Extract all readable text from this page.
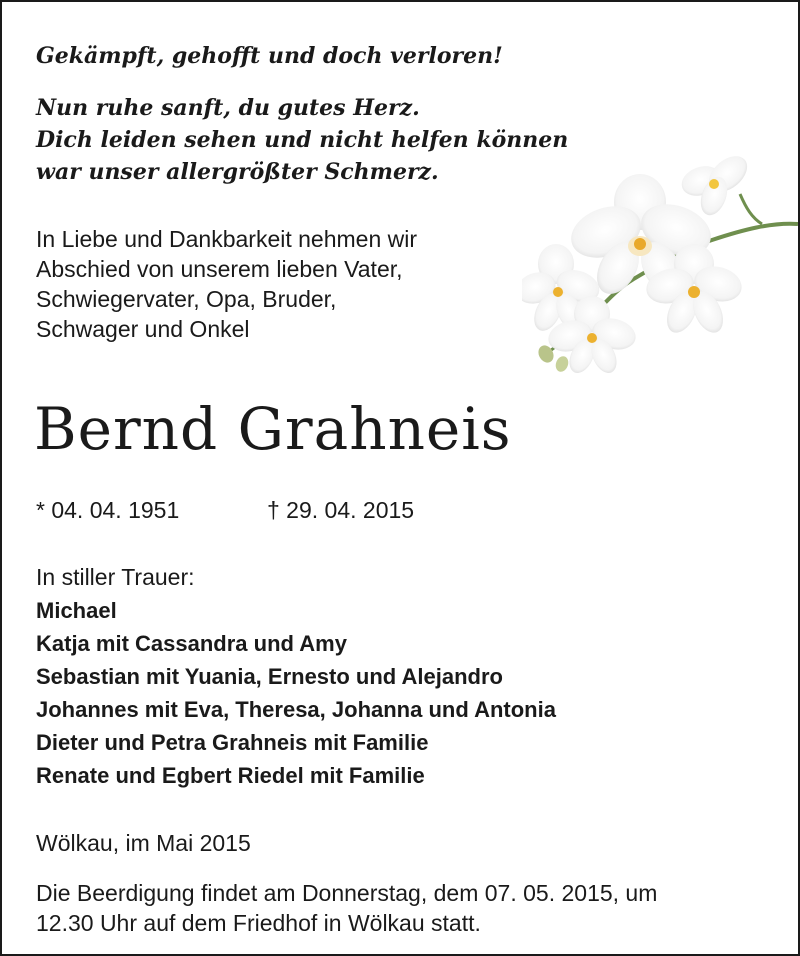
Gekämpft, gehofft und doch verloren!
Nun ruhe sanft, du gutes Herz.
Dich leiden sehen und nicht helfen können
war unser allergrößter Schmerz.
In Liebe und Dankbarkeit nehmen wir
Abschied von unserem lieben Vater,
Schwiegervater, Opa, Bruder,
Schwager und Onkel
Bernd Grahneis
* 04. 04. 1951	† 29. 04. 2015
In stiller Trauer:
Michael
Katja mit Cassandra und Amy
Sebastian mit Yuania, Ernesto und Alejandro
Johannes mit Eva, Theresa, Johanna und Antonia
Dieter und Petra Grahneis mit Familie
Renate und Egbert Riedel mit Familie
Wölkau, im Mai 2015
Die Beerdigung findet am Donnerstag, dem 07. 05. 2015, um
12.30 Uhr auf dem Friedhof in Wölkau statt.
